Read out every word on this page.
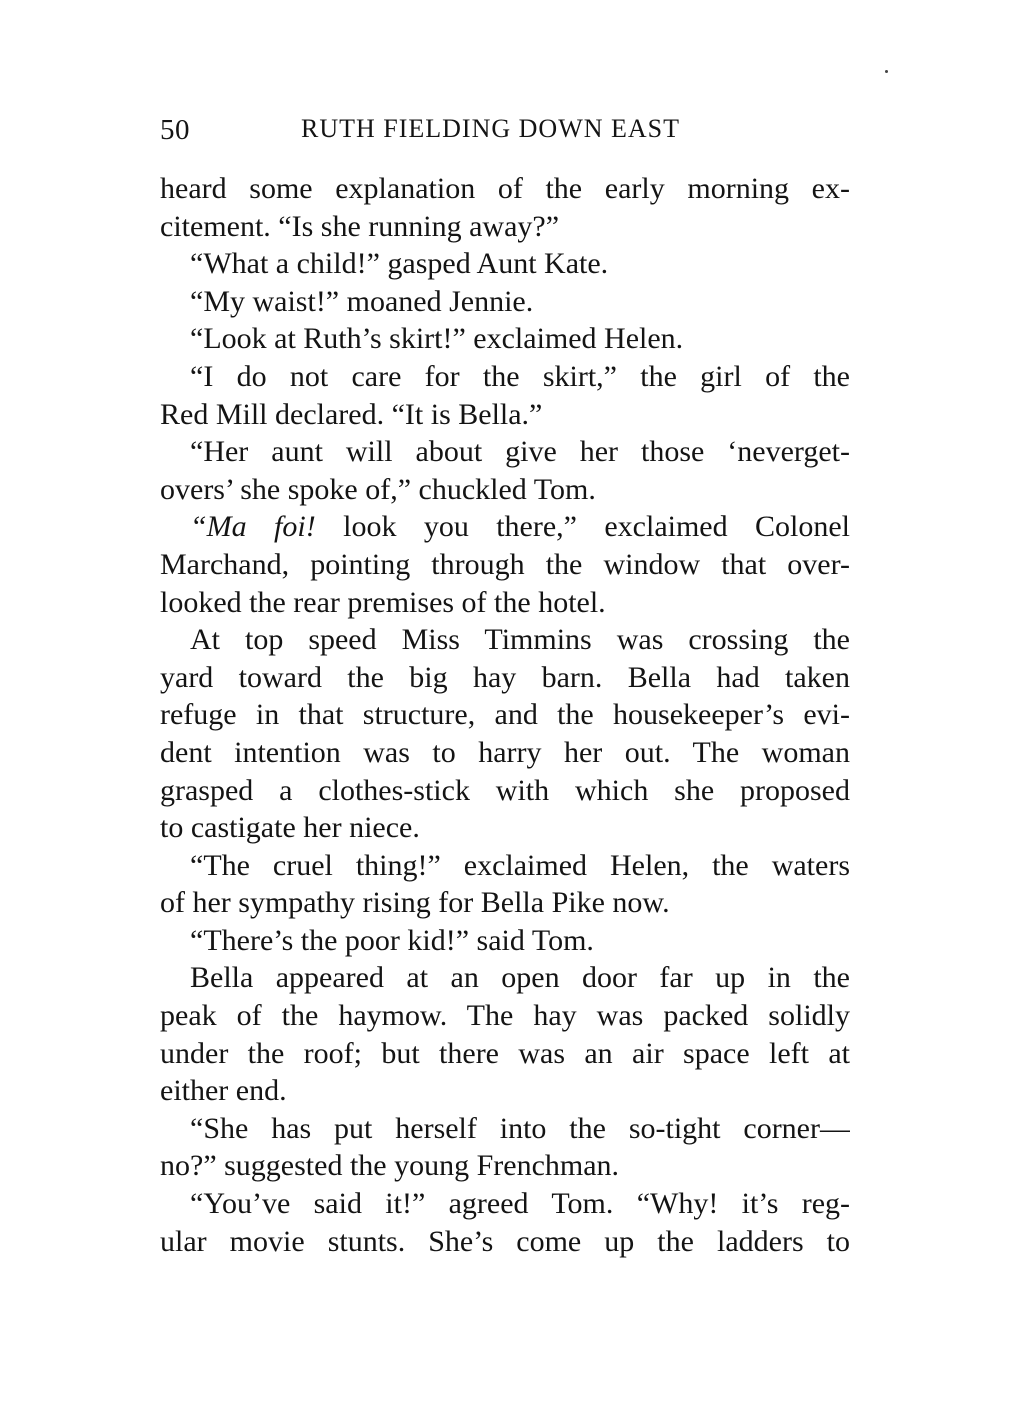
50	RUTH FIELDING DOWN EAST
heard some explanation of the early morning ex-
citement. “Is she running away?”
“What a child!” gasped Aunt Kate.
“My waist!” moaned Jennie.
“Look at Ruth’s skirt!” exclaimed Helen.
“I do not care for the skirt,” the girl of the
Red Mill declared. “It is Bella.”
“Her aunt will about give her those ‘neverget-
overs’ she spoke of,” chuckled Tom.
“Ma foi! look you there,” exclaimed Colonel
Marchand, pointing through the window that over-
looked the rear premises of the hotel.
At top speed Miss Timmins was crossing the
yard toward the big hay barn. Bella had taken
refuge in that structure, and the housekeeper’s evi-
dent intention was to harry her out. The woman
grasped a clothes-stick with which she proposed
to castigate her niece.
“The cruel thing!” exclaimed Helen, the waters
of her sympathy rising for Bella Pike now.
“There’s the poor kid!” said Tom.
Bella appeared at an open door far up in the
peak of the haymow. The hay was packed solidly
under the roof; but there was an air space left at
either end.
“She has put herself into the so-tight corner—
no?” suggested the young Frenchman.
“You’ve said it!” agreed Tom. “Why! it’s reg-
ular movie stunts. She’s come up the ladders to
